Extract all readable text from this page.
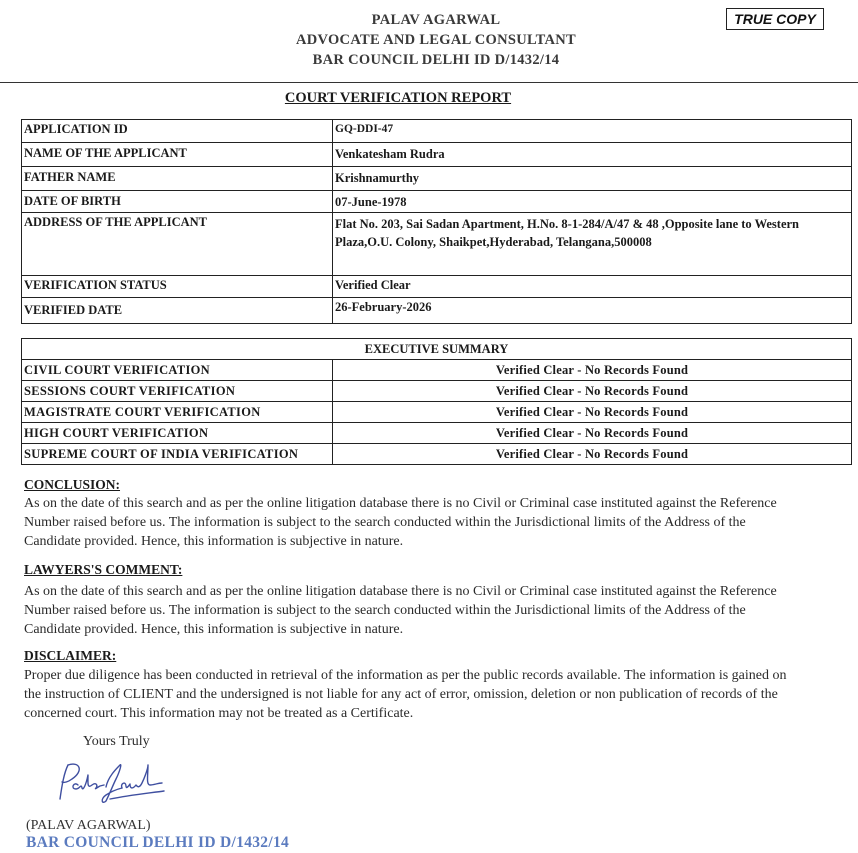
PALAV AGARWAL
ADVOCATE AND LEGAL CONSULTANT
BAR COUNCIL DELHI ID D/1432/14
TRUE COPY
COURT VERIFICATION REPORT
APPLICATION ID	GQ-DDI-47
NAME OF THE APPLICANT	Venkatesham Rudra
FATHER NAME	Krishnamurthy
DATE OF BIRTH	07-June-1978
ADDRESS OF THE APPLICANT	Flat No. 203, Sai Sadan Apartment, H.No. 8-1-284/A/47 & 48 ,Opposite lane to Western Plaza,O.U. Colony, Shaikpet,Hyderabad, Telangana,500008
VERIFICATION STATUS	Verified Clear
VERIFIED DATE	26-February-2026
EXECUTIVE SUMMARY	
CIVIL COURT VERIFICATION	Verified Clear - No Records Found
SESSIONS COURT VERIFICATION	Verified Clear - No Records Found
MAGISTRATE COURT VERIFICATION	Verified Clear - No Records Found
HIGH COURT VERIFICATION	Verified Clear - No Records Found
SUPREME COURT OF INDIA VERIFICATION	Verified Clear - No Records Found
CONCLUSION:
As on the date of this search and as per the online litigation database there is no Civil or Criminal case instituted against the Reference
Number raised before us. The information is subject to the search conducted within the Jurisdictional limits of the Address of the
Candidate provided. Hence, this information is subjective in nature.
LAWYERS'S COMMENT:
As on the date of this search and as per the online litigation database there is no Civil or Criminal case instituted against the Reference
Number raised before us. The information is subject to the search conducted within the Jurisdictional limits of the Address of the
Candidate provided. Hence, this information is subjective in nature.
DISCLAIMER:
Proper due diligence has been conducted in retrieval of the information as per the public records available. The information is gained on
the instruction of CLIENT and the undersigned is not liable for any act of error, omission, deletion or non publication of records of the
concerned court. This information may not be treated as a Certificate.
Yours Truly
(PALAV AGARWAL)
BAR COUNCIL DELHI ID D/1432/14
